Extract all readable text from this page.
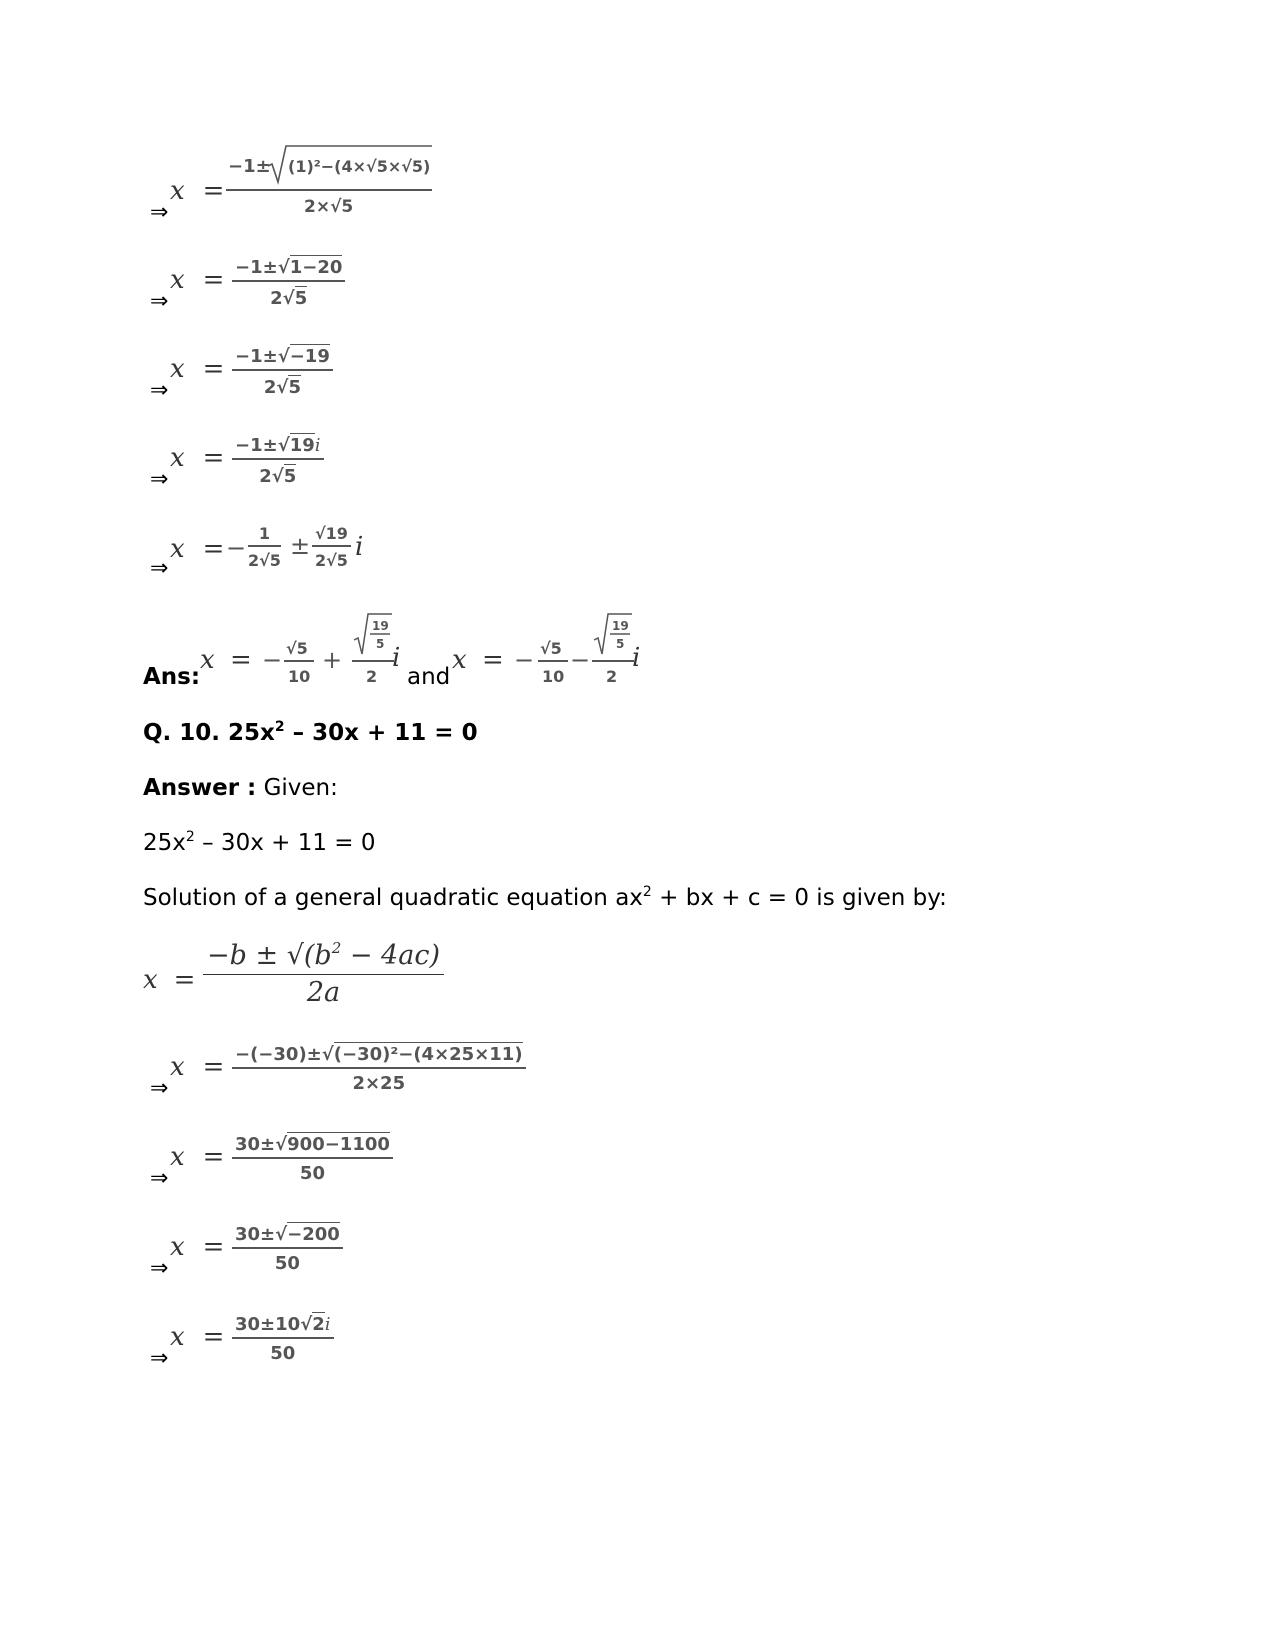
⇒
x =
−1± (1)²−(4×√5×√5)
2×√5
⇒
x = −1±√1−20
2√5
⇒
x = −1±√−19
2√5
⇒
x = −1±√19i
2√5
⇒
x = −
1
2√5
± √19
2√5 i
Ans:
x = − √5
10
+
19
5
2
i
and
x = − √5
10
−
19
5
2
i
Q. 10. $25x^2 - 30x + 11 = 0$
Answer : Given:
$25x^2 - 30x + 11 = 0$
Solution of a general quadratic equation $ax^2$ + bx + c = 0 is given by:
x =
$-b \pm √(b^2 - 4ac)$
2a
⇒
x = −(−30)±√(−30)²−(4×25×11)
2×25
⇒
x = 30±√900−1100
50
⇒
x = 30±√−200
50
⇒
x = 30±10√2i
50
